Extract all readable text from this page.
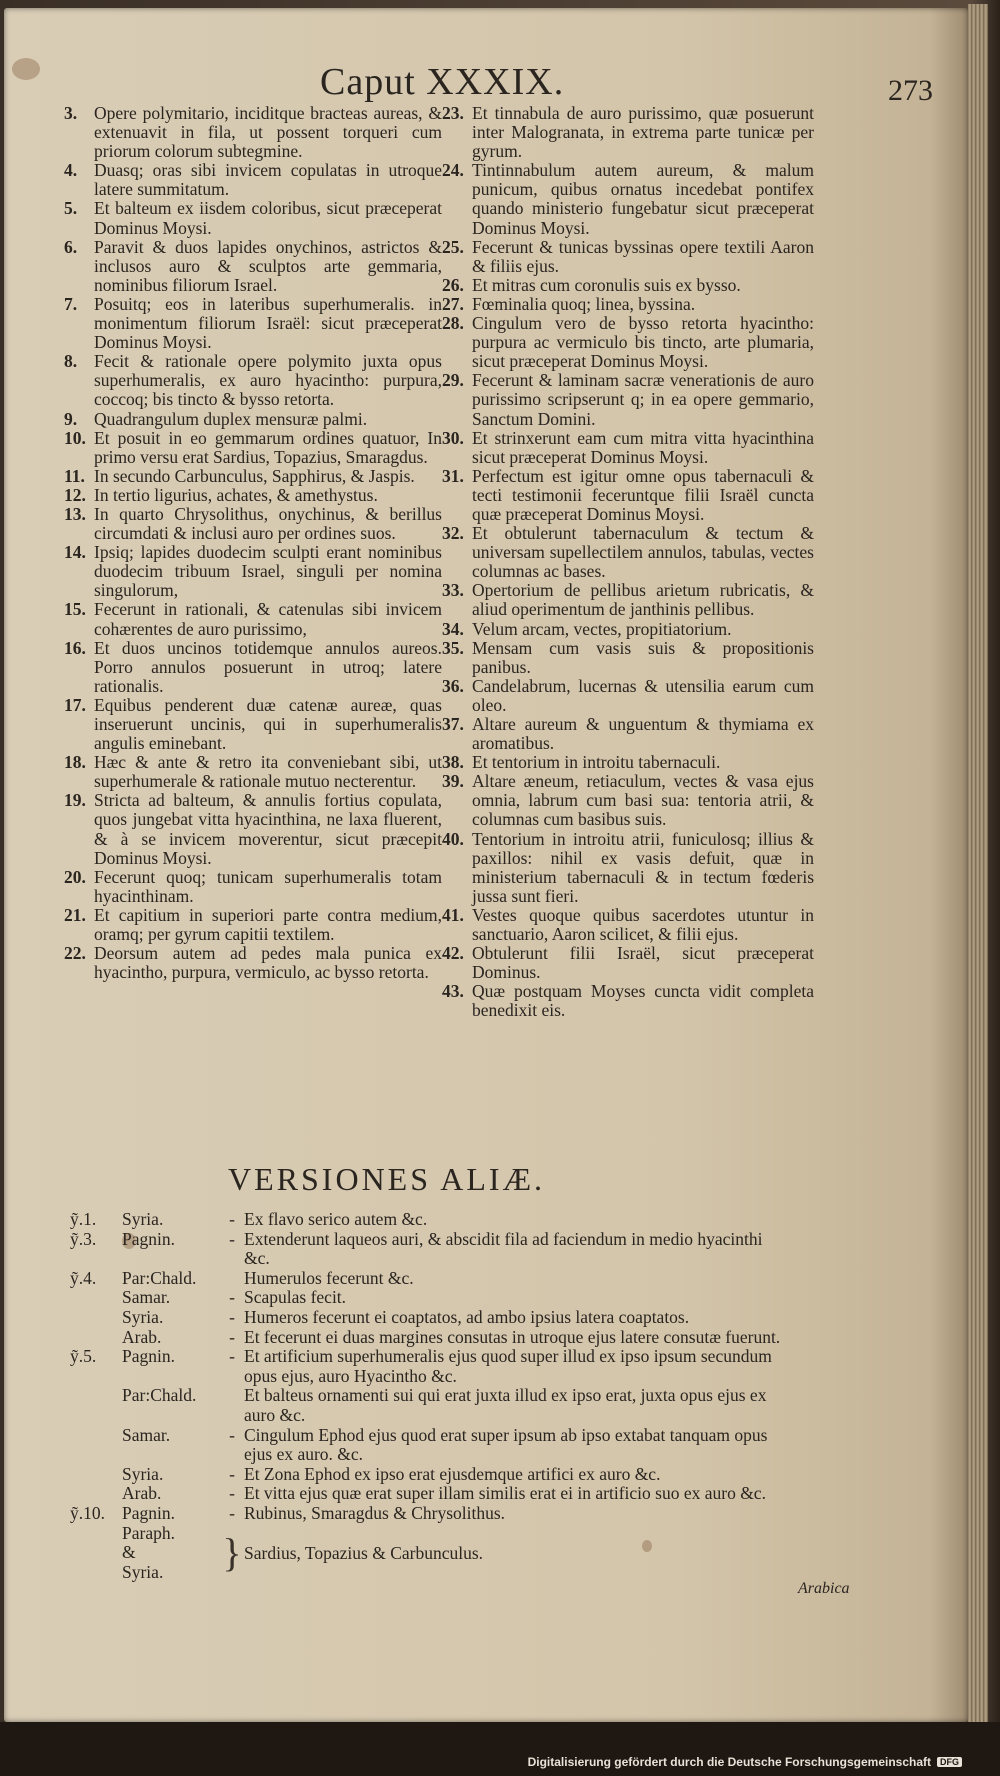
Caput XXXIX.	273
3. Opere polymitario, inciditque bracteas aureas, & extenuavit in fila, ut possent torqueri cum priorum colorum subtegmine.
4. Duasq; oras sibi invicem copulatas in utroque latere summitatum.
5. Et balteum ex iisdem coloribus, sicut præceperat Dominus Moysi.
6. Paravit & duos lapides onychinos, astrictos & inclusos auro & sculptos arte gemmaria, nominibus filiorum Israel.
7. Posuitq; eos in lateribus superhumeralis. in monimentum filiorum Israël: sicut præceperat Dominus Moysi.
8. Fecit & rationale opere polymito juxta opus superhumeralis, ex auro hyacintho: purpura, coccoq; bis tincto & bysso retorta.
9. Quadrangulum duplex mensuræ palmi.
10. Et posuit in eo gemmarum ordines quatuor, In primo versu erat Sardius, Topazius, Smaragdus.
11. In secundo Carbunculus, Sapphirus, & Jaspis.
12. In tertio ligurius, achates, & amethystus.
13. In quarto Chrysolithus, onychinus, & berillus circumdati & inclusi auro per ordines suos.
14. Ipsiq; lapides duodecim sculpti erant nominibus duodecim tribuum Israel, singuli per nomina singulorum,
15. Fecerunt in rationali, & catenulas sibi invicem cohærentes de auro purissimo,
16. Et duos uncinos totidemque annulos aureos. Porro annulos posuerunt in utroq; latere rationalis.
17. Equibus penderent duæ catenæ aureæ, quas inseruerunt uncinis, qui in superhumeralis angulis eminebant.
18. Hæc & ante & retro ita conveniebant sibi, ut superhumerale & rationale mutuo necterentur.
19. Stricta ad balteum, & annulis fortius copulata, quos jungebat vitta hyacinthina, ne laxa fluerent, & à se invicem moverentur, sicut præcepit Dominus Moysi.
20. Fecerunt quoq; tunicam superhumeralis totam hyacinthinam.
21. Et capitium in superiori parte contra medium, oramq; per gyrum capitii textilem.
22. Deorsum autem ad pedes mala punica ex hyacintho, purpura, vermiculo, ac bysso retorta.
23. Et tinnabula de auro purissimo, quæ posuerunt inter Malogranata, in extrema parte tunicæ per gyrum.
24. Tintinnabulum autem aureum, & malum punicum, quibus ornatus incedebat pontifex quando ministerio fungebatur sicut præceperat Dominus Moysi.
25. Fecerunt & tunicas byssinas opere textili Aaron & filiis ejus.
26. Et mitras cum coronulis suis ex bysso.
27. Fœminalia quoq; linea, byssina.
28. Cingulum vero de bysso retorta hyacintho: purpura ac vermiculo bis tincto, arte plumaria, sicut præceperat Dominus Moysi.
29. Fecerunt & laminam sacræ venerationis de auro purissimo scripserunt q; in ea opere gemmario, Sanctum Domini.
30. Et strinxerunt eam cum mitra vitta hyacinthina sicut præceperat Dominus Moysi.
31. Perfectum est igitur omne opus tabernaculi & tecti testimonii feceruntque filii Israël cuncta quæ præceperat Dominus Moysi.
32. Et obtulerunt tabernaculum & tectum & universam supellectilem annulos, tabulas, vectes columnas ac bases.
33. Opertorium de pellibus arietum rubricatis, & aliud operimentum de janthinis pellibus.
34. Velum arcam, vectes, propitiatorium.
35. Mensam cum vasis suis & propositionis panibus.
36. Candelabrum, lucernas & utensilia earum cum oleo.
37. Altare aureum & unguentum & thymiama ex aromatibus.
38. Et tentorium in introitu tabernaculi.
39. Altare æneum, retiaculum, vectes & vasa ejus omnia, labrum cum basi sua: tentoria atrii, & columnas cum basibus suis.
40. Tentorium in introitu atrii, funiculosq; illius & paxillos: nihil ex vasis defuit, quæ in ministerium tabernaculi & in tectum fœderis jussa sunt fieri.
41. Vestes quoque quibus sacerdotes utuntur in sanctuario, Aaron scilicet, & filii ejus.
42. Obtulerunt filii Israël, sicut præceperat Dominus.
43. Quæ postquam Moyses cuncta vidit completa benedixit eis.
VERSIONES ALIÆ.
ỹ.1.	Syria.	- Ex flavo serico autem &c.
ỹ.3.	Pagnin.	- Extenderunt laqueos auri, & abscidit fila ad faciendum in medio hyacinthi &c.
ỹ.4.	Par:Chald.	Humerulos fecerunt &c.
Samar.	- Scapulas fecit.
Syria.	- Humeros fecerunt ei coaptatos, ad ambo ipsius latera coaptatos.
Arab.	- Et fecerunt ei duas margines consutas in utroque ejus latere consutæ fuerunt.
ỹ.5.	Pagnin.	- Et artificium superhumeralis ejus quod super illud ex ipso ipsum secundum opus ejus, auro Hyacintho &c.
Par:Chald.	Et balteus ornamenti sui qui erat juxta illud ex ipso erat, juxta opus ejus ex auro &c.
Samar.	- Cingulum Ephod ejus quod erat super ipsum ab ipso extabat tanquam opus ejus ex auro. &c.
Syria.	- Et Zona Ephod ex ipso erat ejusdemque artifici ex auro &c.
Arab.	- Et vitta ejus quæ erat super illam similis erat ei in artificio suo ex auro &c.
ỹ.10. Pagnin.	- Rubinus, Smaragdus & Chrysolithus.
Paraph.
&
Syria.	} Sardius, Topazius & Carbunculus.
Arabica
Digitalisierung gefördert durch die Deutsche Forschungsgemeinschaft	DFG
